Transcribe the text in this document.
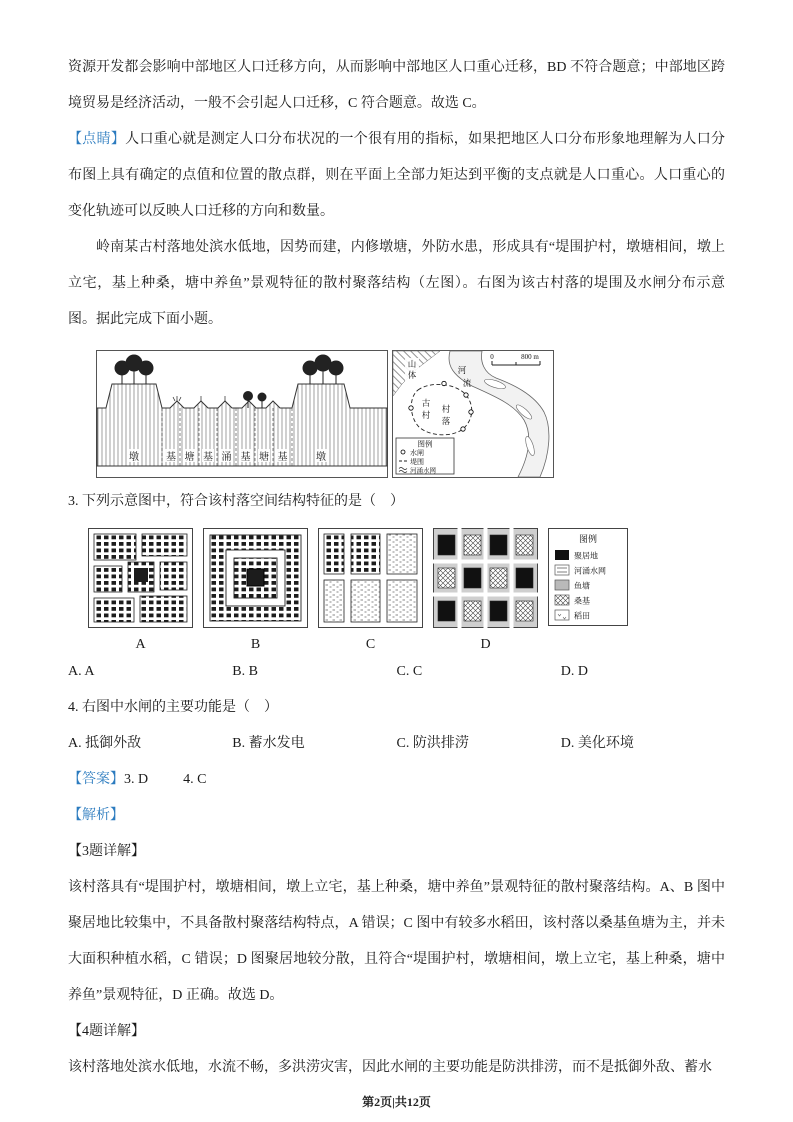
资源开发都会影响中部地区人口迁移方向，从而影响中部地区人口重心迁移，BD 不符合题意；中部地区跨境贸易是经济活动，一般不会引起人口迁移，C 符合题意。故选 C。

【点睛】人口重心就是测定人口分布状况的一个很有用的指标，如果把地区人口分布形象地理解为人口分布图上具有确定的点值和位置的散点群，则在平面上全部力矩达到平衡的支点就是人口重心。人口重心的变化轨迹可以反映人口迁移的方向和数量。

岭南某古村落地处滨水低地，因势而建，内修墩塘，外防水患，形成具有“堤围护村，墩塘相间，墩上立宅，基上种桑，塘中养鱼”景观特征的散村聚落结构（左图）。右图为该古村落的堤围及水闸分布示意图。据此完成下面小题。

墩	基 塘 基 涌 基 塘 基	墩
山
体	河
流
古
村
村
落
0	800 m
图例
水闸
堤围
河涌水网

3. 下列示意图中，符合该村落空间结构特征的是（　）

A	B	C	D
图例
聚居地
河涌水网
鱼塘
桑基
稻田
A. A	B. B	C. C	D. D

4. 右图中水闸的主要功能是（　）

A. 抵御外敌	B. 蓄水发电	C. 防洪排涝	D. 美化环境

【答案】3. D	4. C

【解析】

【3题详解】

该村落具有“堤围护村，墩塘相间，墩上立宅，基上种桑，塘中养鱼”景观特征的散村聚落结构。A、B 图中聚居地比较集中，不具备散村聚落结构特点，A 错误；C 图中有较多水稻田，该村落以桑基鱼塘为主，并未大面积种植水稻，C 错误；D 图聚居地较分散，且符合“堤围护村，墩塘相间，墩上立宅，基上种桑，塘中养鱼”景观特征，D 正确。故选 D。

【4题详解】

该村落地处滨水低地，水流不畅，多洪涝灾害，因此水闸的主要功能是防洪排涝，而不是抵御外敌、蓄水

第2页|共12页
